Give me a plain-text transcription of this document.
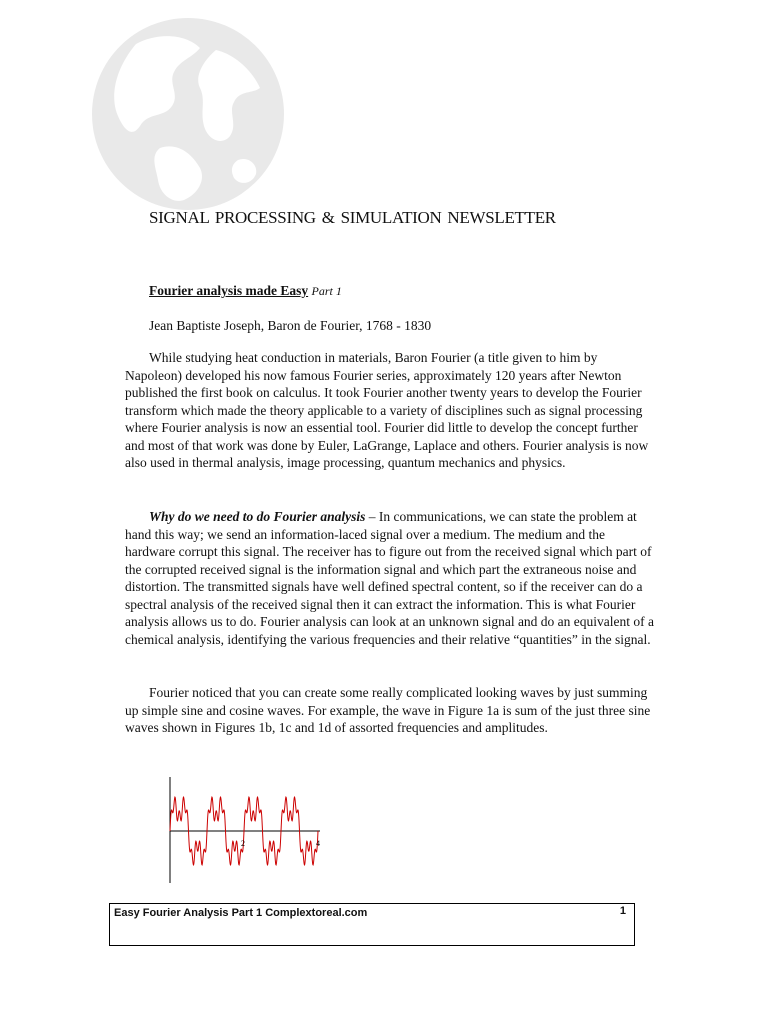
SIGNAL PROCESSING & SIMULATION NEWSLETTER
Fourier analysis made Easy Part 1
Jean Baptiste Joseph, Baron de Fourier, 1768 - 1830

While studying heat conduction in materials, Baron Fourier (a title given to him by Napoleon) developed his now famous Fourier series, approximately 120 years after Newton published the first book on calculus. It took Fourier another twenty years to develop the Fourier transform which made the theory applicable to a variety of disciplines such as signal processing where Fourier analysis is now an essential tool. Fourier did little to develop the concept further and most of that work was done by Euler, LaGrange, Laplace and others. Fourier analysis is now also used in thermal analysis, image processing, quantum mechanics and physics.

Why do we need to do Fourier analysis – In communications, we can state the problem at hand this way; we send an information-laced signal over a medium. The medium and the hardware corrupt this signal. The receiver has to figure out from the received signal which part of the corrupted received signal is the information signal and which part the extraneous noise and distortion. The transmitted signals have well defined spectral content, so if the receiver can do a spectral analysis of the received signal then it can extract the information. This is what Fourier analysis allows us to do. Fourier analysis can look at an unknown signal and do an equivalent of a chemical analysis, identifying the various frequencies and their relative “quantities” in the signal.

Fourier noticed that you can create some really complicated looking waves by just summing up simple sine and cosine waves. For example, the wave in Figure 1a is sum of the just three sine waves shown in Figures 1b, 1c and 1d of assorted frequencies and amplitudes.

2	4
Easy Fourier Analysis Part 1 Complextoreal.com	1
